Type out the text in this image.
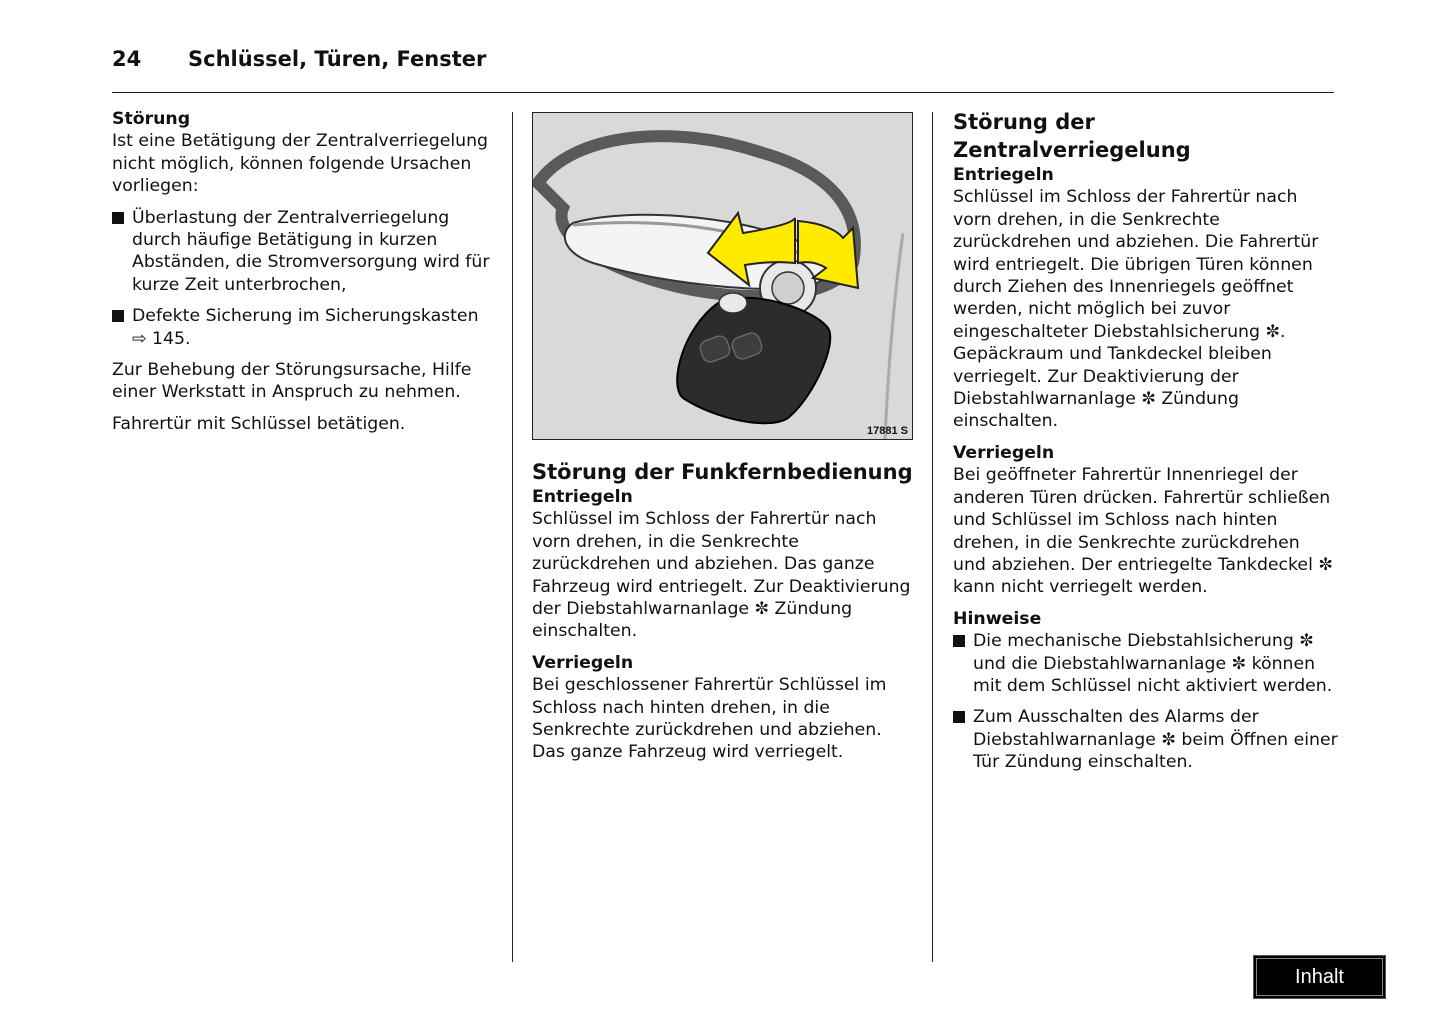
24 Schlüssel, Türen, Fenster

Störung

Ist eine Betätigung der Zentralverriegelung nicht möglich, können folgende Ursachen vorliegen:

Überlastung der Zentralverriegelung durch häufige Betätigung in kurzen Abständen, die Stromversorgung wird für kurze Zeit unterbrochen,
Defekte Sicherung im Sicherungskasten
⇨ 145.

Zur Behebung der Störungsursache, Hilfe einer Werkstatt in Anspruch zu nehmen.

Fahrertür mit Schlüssel betätigen.	17881 S

Störung der Funkfernbedienung

Entriegeln

Schlüssel im Schloss der Fahrertür nach vorn drehen, in die Senkrechte zurückdrehen und abziehen. Das ganze Fahrzeug wird entriegelt. Zur Deaktivierung der Diebstahlwarnanlage ✼ Zündung einschalten.

Verriegeln

Bei geschlossener Fahrertür Schlüssel im Schloss nach hinten drehen, in die Senkrechte zurückdrehen und abziehen. Das ganze Fahrzeug wird verriegelt.

Störung der Zentralverriegelung

Entriegeln

Schlüssel im Schloss der Fahrertür nach vorn drehen, in die Senkrechte zurückdrehen und abziehen. Die Fahrertür wird entriegelt. Die übrigen Türen können durch Ziehen des Innenriegels geöffnet werden, nicht möglich bei zuvor eingeschalteter Diebstahlsicherung ✼. Gepäckraum und Tankdeckel bleiben verriegelt. Zur Deaktivierung der Diebstahlwarnanlage ✼ Zündung einschalten.

Verriegeln

Bei geöffneter Fahrertür Innenriegel der anderen Türen drücken. Fahrertür schließen und Schlüssel im Schloss nach hinten drehen, in die Senkrechte zurückdrehen und abziehen. Der entriegelte Tankdeckel ✼ kann nicht verriegelt werden.

Hinweise

Die mechanische Diebstahlsicherung ✼ und die Diebstahlwarnanlage ✼ können mit dem Schlüssel nicht aktiviert werden.
Zum Ausschalten des Alarms der Diebstahlwarnanlage ✼ beim Öffnen einer Tür Zündung einschalten.
Inhalt
